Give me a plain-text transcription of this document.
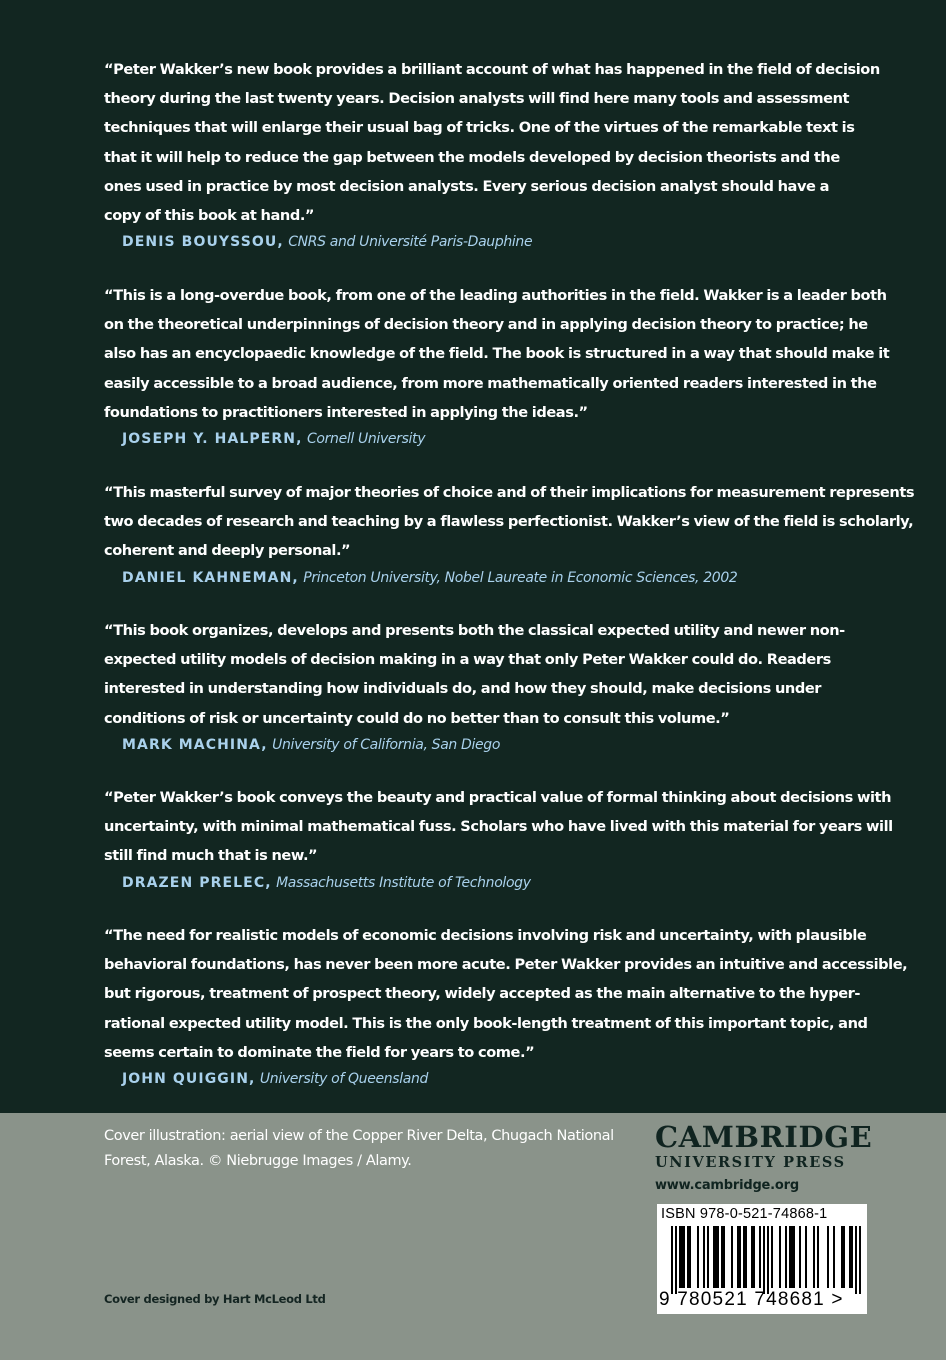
“Peter Wakker’s new book provides a brilliant account of what has happened in the field of decision
theory during the last twenty years. Decision analysts will find here many tools and assessment
techniques that will enlarge their usual bag of tricks. One of the virtues of the remarkable text is
that it will help to reduce the gap between the models developed by decision theorists and the
ones used in practice by most decision analysts. Every serious decision analyst should have a
copy of this book at hand.”

DENIS BOUYSSOU, CNRS and Université Paris-Dauphine

“This is a long-overdue book, from one of the leading authorities in the field. Wakker is a leader both
on the theoretical underpinnings of decision theory and in applying decision theory to practice; he
also has an encyclopaedic knowledge of the field. The book is structured in a way that should make it
easily accessible to a broad audience, from more mathematically oriented readers interested in the
foundations to practitioners interested in applying the ideas.”

JOSEPH Y. HALPERN, Cornell University

“This masterful survey of major theories of choice and of their implications for measurement represents
two decades of research and teaching by a flawless perfectionist. Wakker’s view of the field is scholarly,
coherent and deeply personal.”

DANIEL KAHNEMAN, Princeton University, Nobel Laureate in Economic Sciences, 2002

“This book organizes, develops and presents both the classical expected utility and newer non-
expected utility models of decision making in a way that only Peter Wakker could do. Readers
interested in understanding how individuals do, and how they should, make decisions under
conditions of risk or uncertainty could do no better than to consult this volume.”

MARK MACHINA, University of California, San Diego

“Peter Wakker’s book conveys the beauty and practical value of formal thinking about decisions with
uncertainty, with minimal mathematical fuss. Scholars who have lived with this material for years will
still find much that is new.”

DRAZEN PRELEC, Massachusetts Institute of Technology

“The need for realistic models of economic decisions involving risk and uncertainty, with plausible
behavioral foundations, has never been more acute. Peter Wakker provides an intuitive and accessible,
but rigorous, treatment of prospect theory, widely accepted as the main alternative to the hyper-
rational expected utility model. This is the only book-length treatment of this important topic, and
seems certain to dominate the field for years to come.”

JOHN QUIGGIN, University of Queensland
Cover illustration: aerial view of the Copper River Delta, Chugach National
Forest, Alaska. © Niebrugge Images / Alamy.
Cover designed by Hart McLeod Ltd
CAMBRIDGE
UNIVERSITY PRESS
www.cambridge.org
ISBN 978-0-521-74868-1
9 780521 748681 >
